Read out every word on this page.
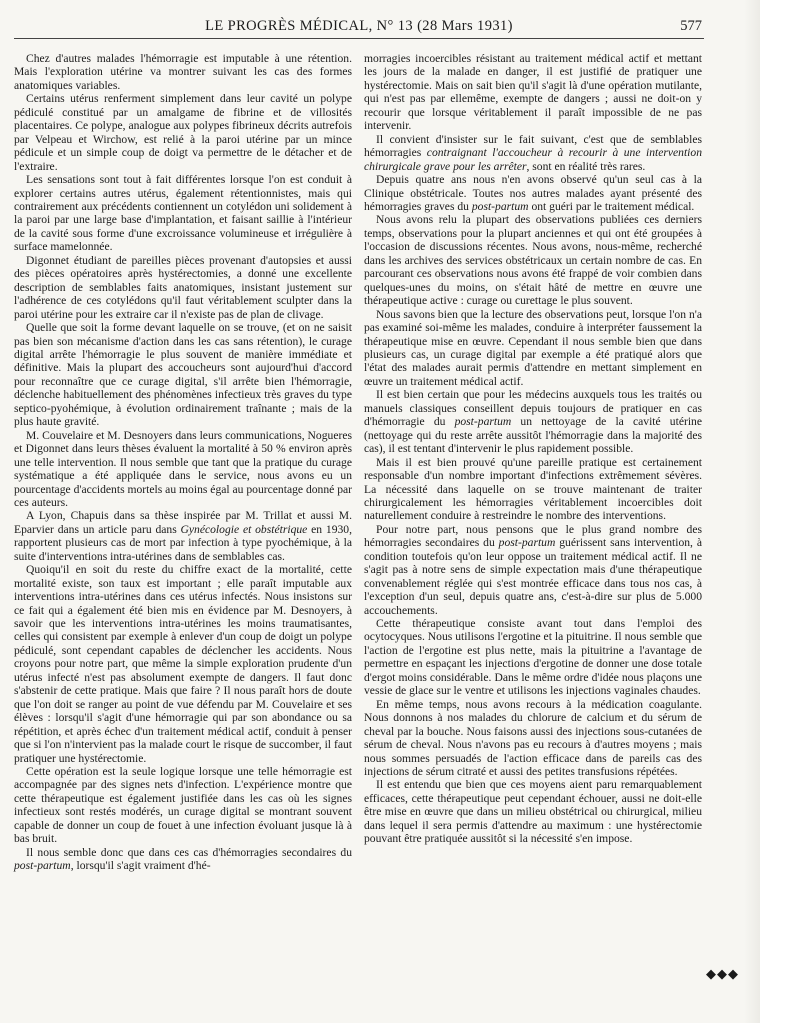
LE PROGRÈS MÉDICAL, N° 13 (28 Mars 1931)	577

Chez d'autres malades l'hémorragie est imputable à une rétention. Mais l'exploration utérine va montrer suivant les cas des formes anatomiques variables.

Certains utérus renferment simplement dans leur cavité un polype pédiculé constitué par un amalgame de fibrine et de villosités placentaires. Ce polype, analogue aux polypes fibrineux décrits autrefois par Velpeau et Wirchow, est relié à la paroi utérine par un mince pédicule et un simple coup de doigt va permettre de le détacher et de l'extraire.

Les sensations sont tout à fait différentes lorsque l'on est conduit à explorer certains autres utérus, également rétentionnistes, mais qui contrairement aux précédents contiennent un cotylédon uni solidement à la paroi par une large base d'implantation, et faisant saillie à l'intérieur de la cavité sous forme d'une excroissance volumineuse et irrégulière à surface mamelonnée.

Digonnet étudiant de pareilles pièces provenant d'autopsies et aussi des pièces opératoires après hystérectomies, a donné une excellente description de semblables faits anatomiques, insistant justement sur l'adhérence de ces cotylédons qu'il faut véritablement sculpter dans la paroi utérine pour les extraire car il n'existe pas de plan de clivage.

Quelle que soit la forme devant laquelle on se trouve, (et on ne saisit pas bien son mécanisme d'action dans les cas sans rétention), le curage digital arrête l'hémorragie le plus souvent de manière immédiate et définitive. Mais la plupart des accoucheurs sont aujourd'hui d'accord pour reconnaître que ce curage digital, s'il arrête bien l'hémorragie, déclenche habituellement des phénomènes infectieux très graves du type septico-pyohémique, à évolution ordinairement traînante ; mais de la plus haute gravité.

M. Couvelaire et M. Desnoyers dans leurs communications, Nogueres et Digonnet dans leurs thèses évaluent la mortalité à 50 % environ après une telle intervention. Il nous semble que tant que la pratique du curage systématique a été appliquée dans le service, nous avons eu un pourcentage d'accidents mortels au moins égal au pourcentage donné par ces auteurs.

A Lyon, Chapuis dans sa thèse inspirée par M. Trillat et aussi M. Eparvier dans un article paru dans Gynécologie et obstétrique en 1930, rapportent plusieurs cas de mort par infection à type pyochémique, à la suite d'interventions intra-utérines dans de semblables cas.

Quoiqu'il en soit du reste du chiffre exact de la mortalité, cette mortalité existe, son taux est important ; elle paraît imputable aux interventions intra-utérines dans ces utérus infectés. Nous insistons sur ce fait qui a également été bien mis en évidence par M. Desnoyers, à savoir que les interventions intra-utérines les moins traumatisantes, celles qui consistent par exemple à enlever d'un coup de doigt un polype pédiculé, sont cependant capables de déclencher les accidents. Nous croyons pour notre part, que même la simple exploration prudente d'un utérus infecté n'est pas absolument exempte de dangers. Il faut donc s'abstenir de cette pratique. Mais que faire ? Il nous paraît hors de doute que l'on doit se ranger au point de vue défendu par M. Couvelaire et ses élèves : lorsqu'il s'agit d'une hémorragie qui par son abondance ou sa répétition, et après échec d'un traitement médical actif, conduit à penser que si l'on n'intervient pas la malade court le risque de succomber, il faut pratiquer une hystérectomie.

Cette opération est la seule logique lorsque une telle hémorragie est accompagnée par des signes nets d'infection. L'expérience montre que cette thérapeutique est également justifiée dans les cas où les signes infectieux sont restés modérés, un curage digital se montrant souvent capable de donner un coup de fouet à une infection évoluant jusque là à bas bruit.

Il nous semble donc que dans ces cas d'hémorragies secondaires du post-partum, lorsqu'il s'agit vraiment d'hé-

morragies incoercibles résistant au traitement médical actif et mettant les jours de la malade en danger, il est justifié de pratiquer une hystérectomie. Mais on sait bien qu'il s'agit là d'une opération mutilante, qui n'est pas par ellemême, exempte de dangers ; aussi ne doit-on y recourir que lorsque véritablement il paraît impossible de ne pas intervenir.

Il convient d'insister sur le fait suivant, c'est que de semblables hémorragies contraignant l'accoucheur à recourir à une intervention chirurgicale grave pour les arrêter, sont en réalité très rares.

Depuis quatre ans nous n'en avons observé qu'un seul cas à la Clinique obstétricale. Toutes nos autres malades ayant présenté des hémorragies graves du post-partum ont guéri par le traitement médical.

Nous avons relu la plupart des observations publiées ces derniers temps, observations pour la plupart anciennes et qui ont été groupées à l'occasion de discussions récentes. Nous avons, nous-même, recherché dans les archives des services obstétricaux un certain nombre de cas. En parcourant ces observations nous avons été frappé de voir combien dans quelques-unes du moins, on s'était hâté de mettre en œuvre une thérapeutique active : curage ou curettage le plus souvent.

Nous savons bien que la lecture des observations peut, lorsque l'on n'a pas examiné soi-même les malades, conduire à interpréter faussement la thérapeutique mise en œuvre. Cependant il nous semble bien que dans plusieurs cas, un curage digital par exemple a été pratiqué alors que l'état des malades aurait permis d'attendre en mettant simplement en œuvre un traitement médical actif.

Il est bien certain que pour les médecins auxquels tous les traités ou manuels classiques conseillent depuis toujours de pratiquer en cas d'hémorragie du post-partum un nettoyage de la cavité utérine (nettoyage qui du reste arrête aussitôt l'hémorragie dans la majorité des cas), il est tentant d'intervenir le plus rapidement possible.

Mais il est bien prouvé qu'une pareille pratique est certainement responsable d'un nombre important d'infections extrêmement sévères. La nécessité dans laquelle on se trouve maintenant de traiter chirurgicalement les hémorragies véritablement incoercibles doit naturellement conduire à restreindre le nombre des interventions.

Pour notre part, nous pensons que le plus grand nombre des hémorragies secondaires du post-partum guérissent sans intervention, à condition toutefois qu'on leur oppose un traitement médical actif. Il ne s'agit pas à notre sens de simple expectation mais d'une thérapeutique convenablement réglée qui s'est montrée efficace dans tous nos cas, à l'exception d'un seul, depuis quatre ans, c'est-à-dire sur plus de 5.000 accouchements.

Cette thérapeutique consiste avant tout dans l'emploi des ocytocyques. Nous utilisons l'ergotine et la pituitrine. Il nous semble que l'action de l'ergotine est plus nette, mais la pituitrine a l'avantage de permettre en espaçant les injections d'ergotine de donner une dose totale d'ergot moins considérable. Dans le même ordre d'idée nous plaçons une vessie de glace sur le ventre et utilisons les injections vaginales chaudes.

En même temps, nous avons recours à la médication coagulante. Nous donnons à nos malades du chlorure de calcium et du sérum de cheval par la bouche. Nous faisons aussi des injections sous-cutanées de sérum de cheval. Nous n'avons pas eu recours à d'autres moyens ; mais nous sommes persuadés de l'action efficace dans de pareils cas des injections de sérum citraté et aussi des petites transfusions répétées.

Il est entendu que bien que ces moyens aient paru remarquablement efficaces, cette thérapeutique peut cependant échouer, aussi ne doit-elle être mise en œuvre que dans un milieu obstétrical ou chirurgical, milieu dans lequel il sera permis d'attendre au maximum : une hystérectomie pouvant être pratiquée aussitôt si la nécessité s'en impose.

◆◆◆
